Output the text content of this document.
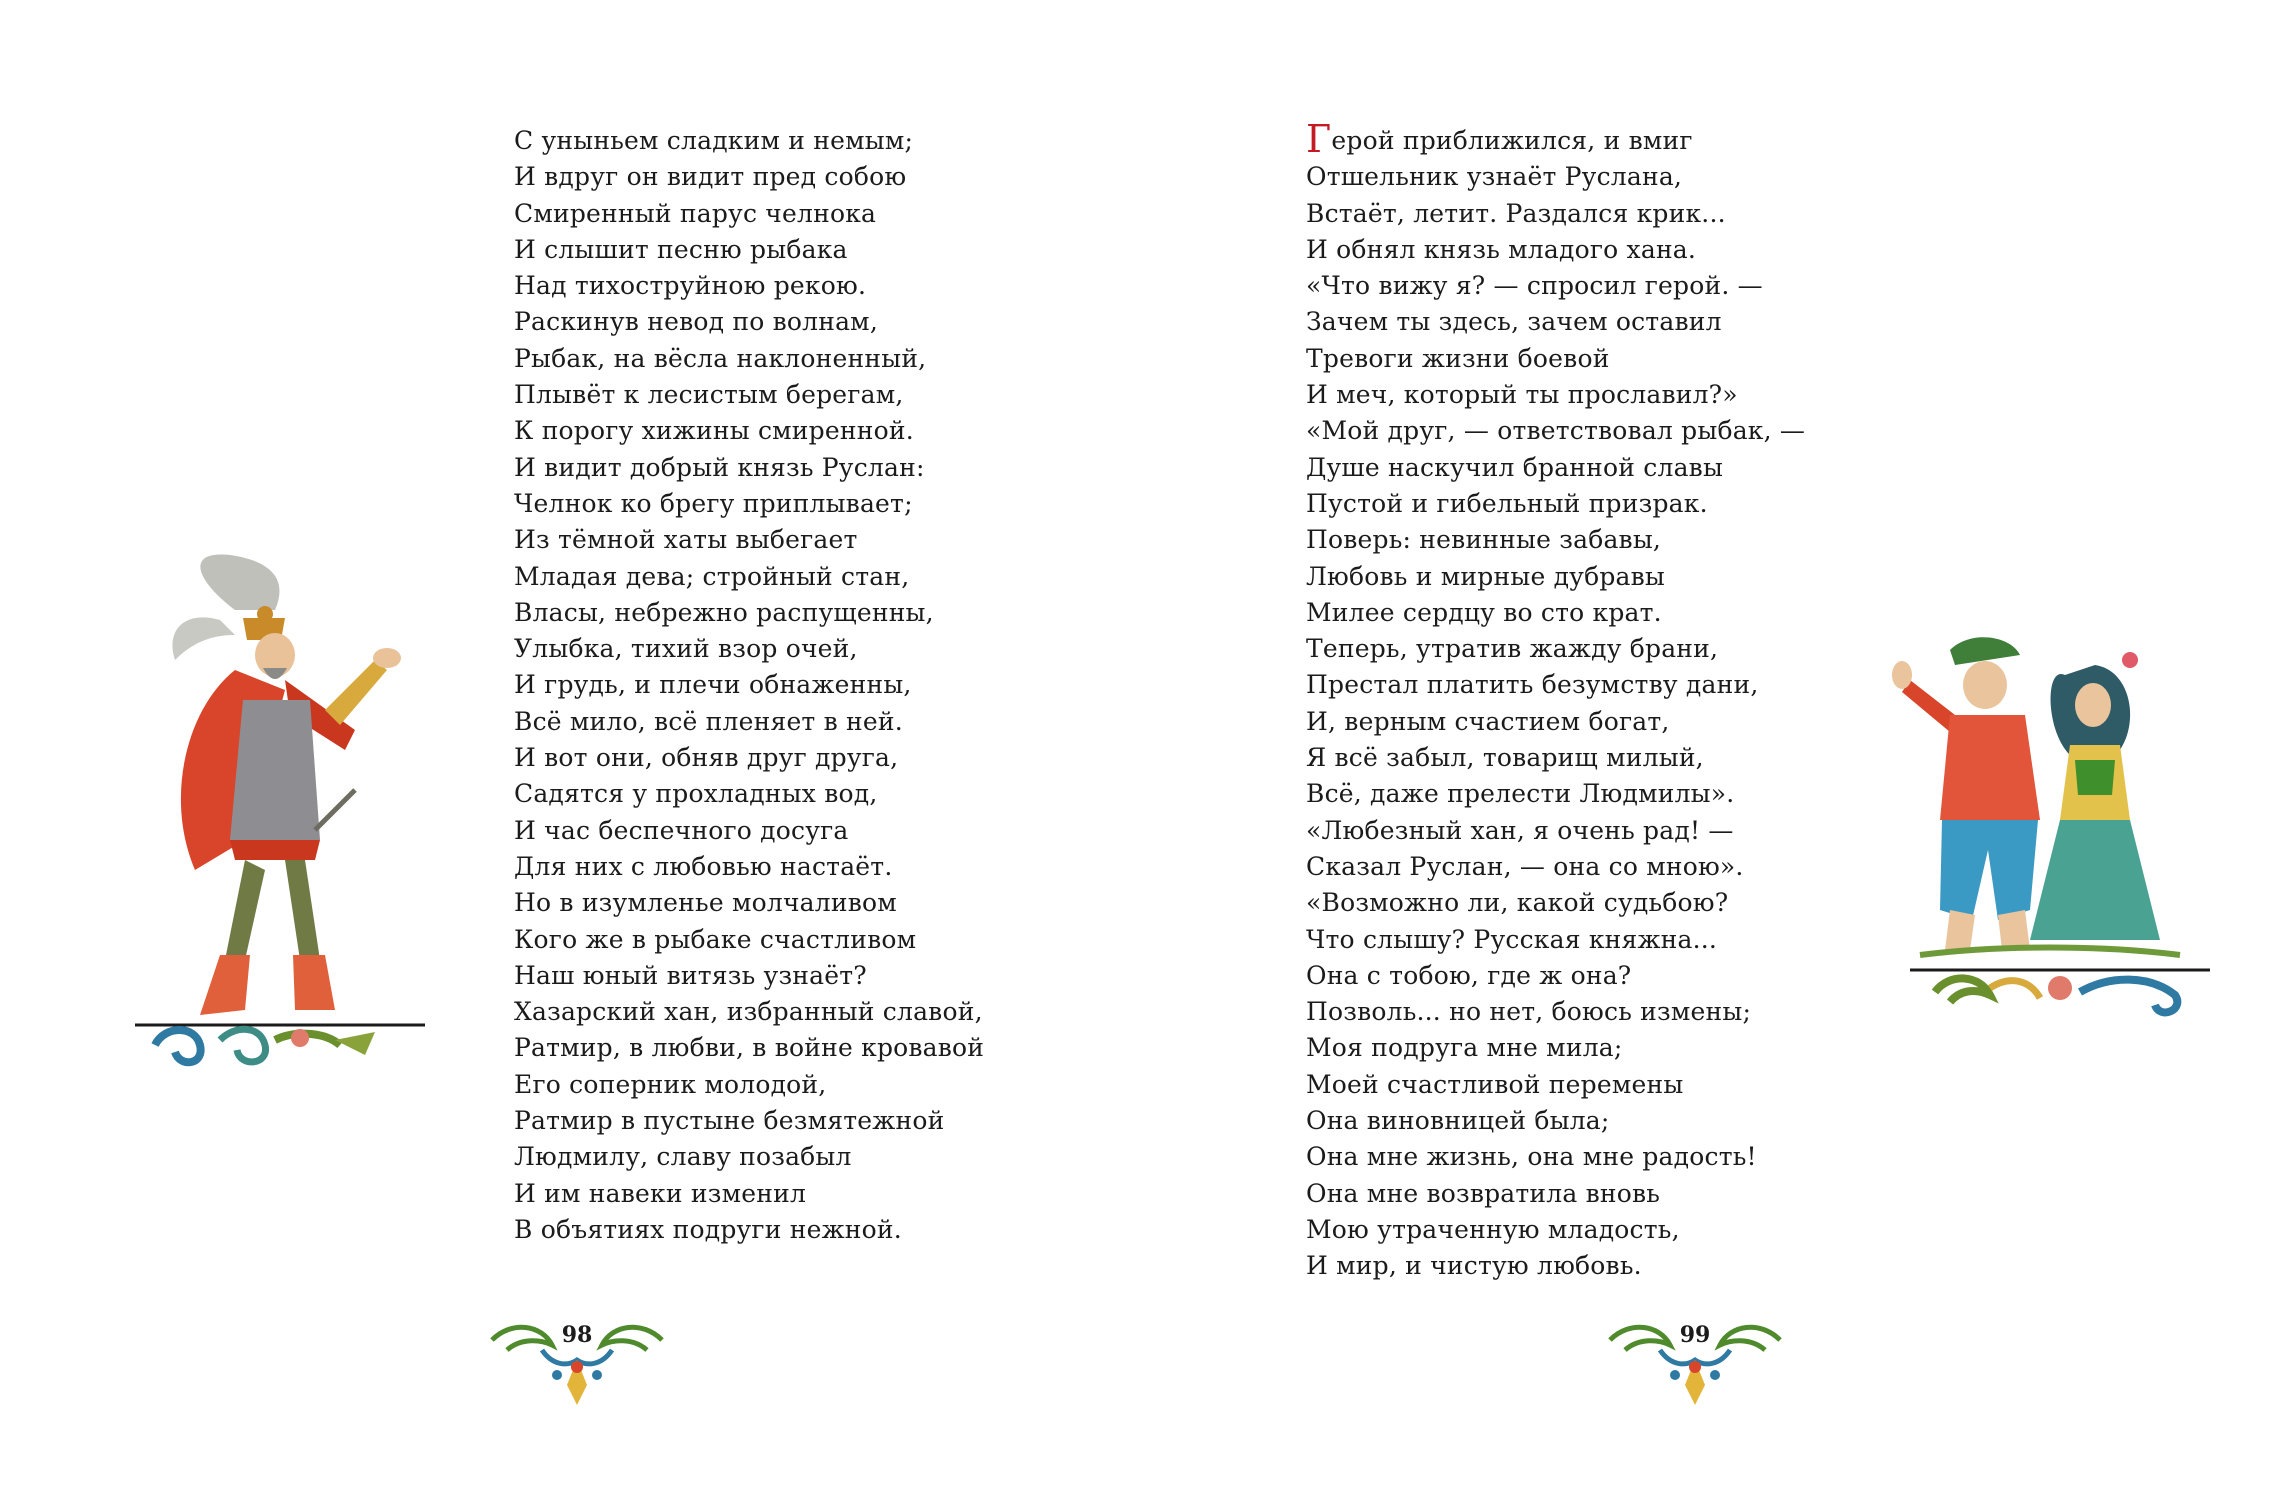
С уныньем сладким и немым;
И вдруг он видит пред собою
Смиренный парус челнока
И слышит песню рыбака
Над тихоструйною рекою.
Раскинув невод по волнам,
Рыбак, на вёсла наклоненный,
Плывёт к лесистым берегам,
К порогу хижины смиренной.
И видит добрый князь Руслан:
Челнок ко брегу приплывает;
Из тёмной хаты выбегает
Младая дева; стройный стан,
Власы, небрежно распущенны,
Улыбка, тихий взор очей,
И грудь, и плечи обнаженны,
Всё мило, всё пленяет в ней.
И вот они, обняв друг друга,
Садятся у прохладных вод,
И час беспечного досуга
Для них с любовью настаёт.
Но в изумленье молчаливом
Кого же в рыбаке счастливом
Наш юный витязь узнаёт?
Хазарский хан, избранный славой,
Ратмир, в любви, в войне кровавой
Его соперник молодой,
Ратмир в пустыне безмятежной
Людмилу, славу позабыл
И им навеки изменил
В объятиях подруги нежной.
98
Герой приближился, и вмиг
Отшельник узнаёт Руслана,
Встаёт, летит. Раздался крик...
И обнял князь младого хана.
«Что вижу я? — спросил герой. —
Зачем ты здесь, зачем оставил
Тревоги жизни боевой
И меч, который ты прославил?»
«Мой друг, — ответствовал рыбак, —
Душе наскучил бранной славы
Пустой и гибельный призрак.
Поверь: невинные забавы,
Любовь и мирные дубравы
Милее сердцу во сто крат.
Теперь, утратив жажду брани,
Престал платить безумству дани,
И, верным счастием богат,
Я всё забыл, товарищ милый,
Всё, даже прелести Людмилы».
«Любезный хан, я очень рад! —
Сказал Руслан, — она со мною».
«Возможно ли, какой судьбою?
Что слышу? Русская княжна...
Она с тобою, где ж она?
Позволь... но нет, боюсь измены;
Моя подруга мне мила;
Моей счастливой перемены
Она виновницей была;
Она мне жизнь, она мне радость!
Она мне возвратила вновь
Мою утраченную младость,
И мир, и чистую любовь.
99
